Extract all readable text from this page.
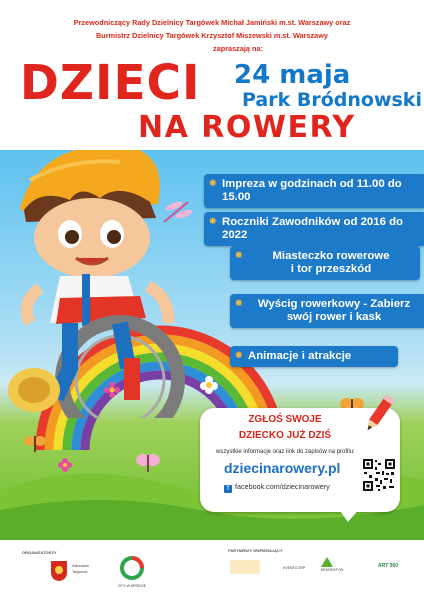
Przewodniczący Rady Dzielnicy Targówek Michał Jamiński m.st. Warszawy oraz
Burmistrz Dzielnicy Targówek Krzysztof Miszewski m.st. Warszawy
zapraszają na:
DZIECI 24 maja
Park Bródnowski
NA ROWERY
✸ Impreza w godzinach od 11.00 do 15.00
✸ Roczniki Zawodników od 2016 do 2022
✸	Miasteczko rowerowe
i tor przeszkód
✸	Wyścig rowerkowy - Zabierz
swój rower i kask
✸ Animacje i atrakcje
ZGŁOŚ SWOJE
DZIECKO JUŻ DZIŚ
wszystkie informacje oraz link do zapisów na profilu:
dziecinarowery.pl
f facebook.com/dziecinarowery
ORGANIZATORZY	PARTNERZY WSPIERAJĄCY
Warszawa
Targówek
OTO W APREZIE
EVENTCORP	REKREATYW
ART 360
